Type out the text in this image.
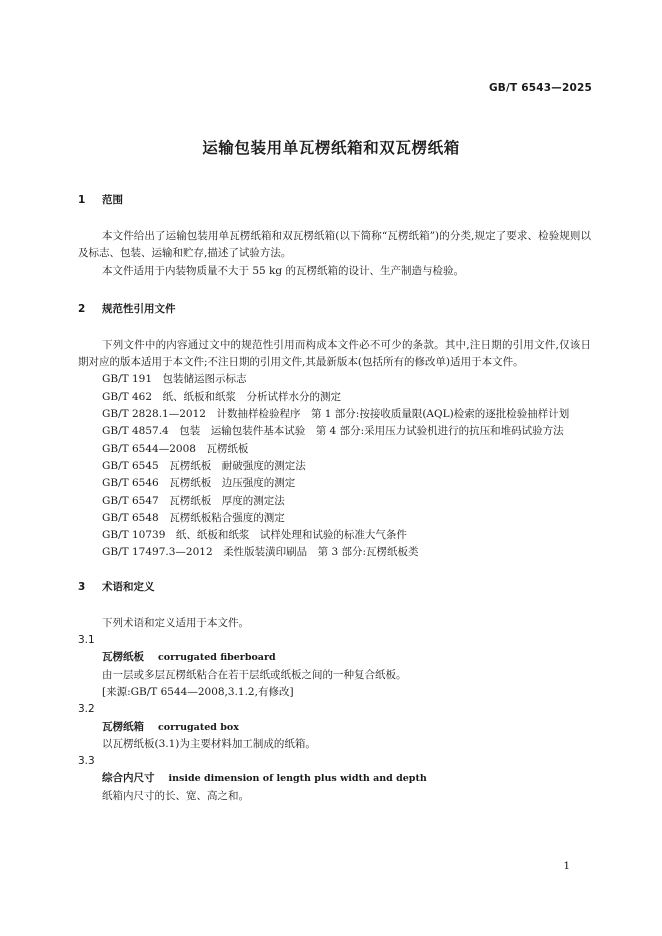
GB/T 6543—2025
运输包装用单瓦楞纸箱和双瓦楞纸箱
1 范围

本文件给出了运输包装用单瓦楞纸箱和双瓦楞纸箱(以下简称“瓦楞纸箱”)的分类,规定了要求、检验规则以及标志、包装、运输和贮存,描述了试验方法。

本文件适用于内装物质量不大于 55 kg 的瓦楞纸箱的设计、生产制造与检验。

2 规范性引用文件

下列文件中的内容通过文中的规范性引用而构成本文件必不可少的条款。其中,注日期的引用文件,仅该日期对应的版本适用于本文件;不注日期的引用文件,其最新版本(包括所有的修改单)适用于本文件。

GB/T 191　包装储运图示标志

GB/T 462　纸、纸板和纸浆　分析试样水分的测定

GB/T 2828.1—2012　计数抽样检验程序　第 1 部分:按接收质量限(AQL)检索的逐批检验抽样计划

GB/T 4857.4　包装　运输包装件基本试验　第 4 部分:采用压力试验机进行的抗压和堆码试验方法

GB/T 6544—2008　瓦楞纸板

GB/T 6545　瓦楞纸板　耐破强度的测定法

GB/T 6546　瓦楞纸板　边压强度的测定

GB/T 6547　瓦楞纸板　厚度的测定法

GB/T 6548　瓦楞纸板粘合强度的测定

GB/T 10739　纸、纸板和纸浆　试样处理和试验的标准大气条件

GB/T 17497.3—2012　柔性版装潢印刷品　第 3 部分:瓦楞纸板类

3 术语和定义

下列术语和定义适用于本文件。

3.1
瓦楞纸板 corrugated fiberboard
由一层或多层瓦楞纸粘合在若干层纸或纸板之间的一种复合纸板。
[来源:GB/T 6544—2008,3.1.2,有修改]
3.2
瓦楞纸箱 corrugated box
以瓦楞纸板(3.1)为主要材料加工制成的纸箱。
3.3
综合内尺寸 inside dimension of length plus width and depth
纸箱内尺寸的长、宽、高之和。
1
